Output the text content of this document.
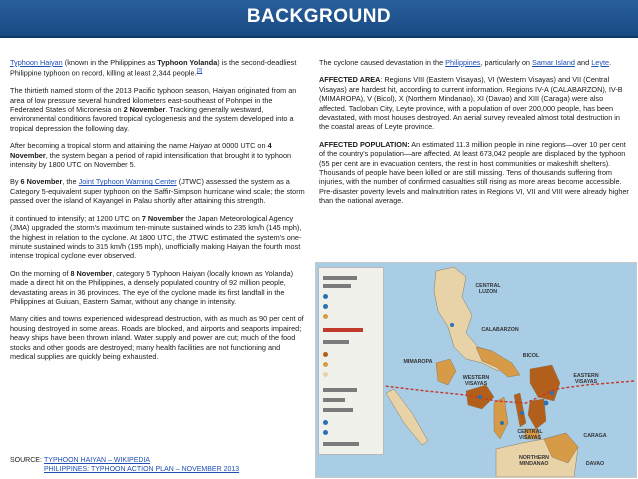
BACKGROUND

Typhoon Haiyan (known in the Philippines as Typhoon Yolanda) is the second-deadliest Philippine typhoon on record, killing at least 2,344 people.[3]

The thirtieth named storm of the 2013 Pacific typhoon season, Haiyan originated from an area of low pressure several hundred kilometers east-southeast of Pohnpei in the Federated States of Micronesia on 2 November. Tracking generally westward, environmental conditions favored tropical cyclogenesis and the system developed into a tropical depression the following day.

After becoming a tropical storm and attaining the name Haiyan at 0000 UTC on 4 November, the system began a period of rapid intensification that brought it to typhoon intensity by 1800 UTC on November 5.

By 6 November, the Joint Typhoon Warning Center (JTWC) assessed the system as a Category 5-equivalent super typhoon on the Saffir-Simpson hurricane wind scale; the storm passed over the island of Kayangel in Palau shortly after attaining this strength.

it continued to intensify; at 1200 UTC on 7 November the Japan Meteorological Agency (JMA) upgraded the storm's maximum ten-minute sustained winds to 235 km/h (145 mph), the highest in relation to the cyclone. At 1800 UTC, the JTWC estimated the system's one-minute sustained winds to 315 km/h (195 mph), unofficially making Haiyan the fourth most intense tropical cyclone ever observed.

On the morning of 8 November, category 5 Typhoon Haiyan (locally known as Yolanda) made a direct hit on the Philippines, a densely populated country of 92 million people, devastating areas in 36 provinces. The eye of the cyclone made its first landfall in the Philippines at Guiuan, Eastern Samar, without any change in intensity.

Many cities and towns experienced widespread destruction, with as much as 90 per cent of housing destroyed in some areas. Roads are blocked, and airports and seaports impaired; heavy ships have been thrown inland. Water supply and power are cut; much of the food stocks and other goods are destroyed; many health facilities are not functioning and medical supplies are quickly being exhausted.

The cyclone caused devastation in the Philippines, particularly on Samar Island and Leyte.

AFFECTED AREA: Regions VIII (Eastern Visayas), VI (Western Visayas) and VII (Central Visayas) are hardest hit, according to current information. Regions IV-A (CALABARZON), IV-B (MIMAROPA), V (Bicol), X (Northern Mindanao), XI (Davao) and XIII (Caraga) were also affected. Tacloban City, Leyte province, with a population of over 200,000 people, has been devastated, with most houses destroyed. An aerial survey revealed almost total destruction in the coastal areas of Leyte province.

AFFECTED POPULATION: An estimated 11.3 million people in nine regions—over 10 per cent of the country's population—are affected. At least 673,042 people are displaced by the typhoon (55 per cent are in evacuation centers, the rest in host communities or makeshift shelters). Thousands of people have been killed or are still missing. Tens of thousands suffering from injuries, with the number of confirmed casualties still rising as more areas become accessible. Pre-disaster poverty levels and malnutrition rates in Regions VI, VII and VIII were already higher than the national average.

CENTRAL LUZON
MIMAROPA
CALABARZON
WESTERN VISAYAS
CENTRAL VISAYAS
EASTERN VISAYAS
BICOL
CARAGA
NORTHERN MINDANAO	DAVAO
SOURCE: TYPHOON HAIYAN – WIKIPEDIA
PHILIPPINES: TYPHOON ACTION PLAN – NOVEMBER 2013
